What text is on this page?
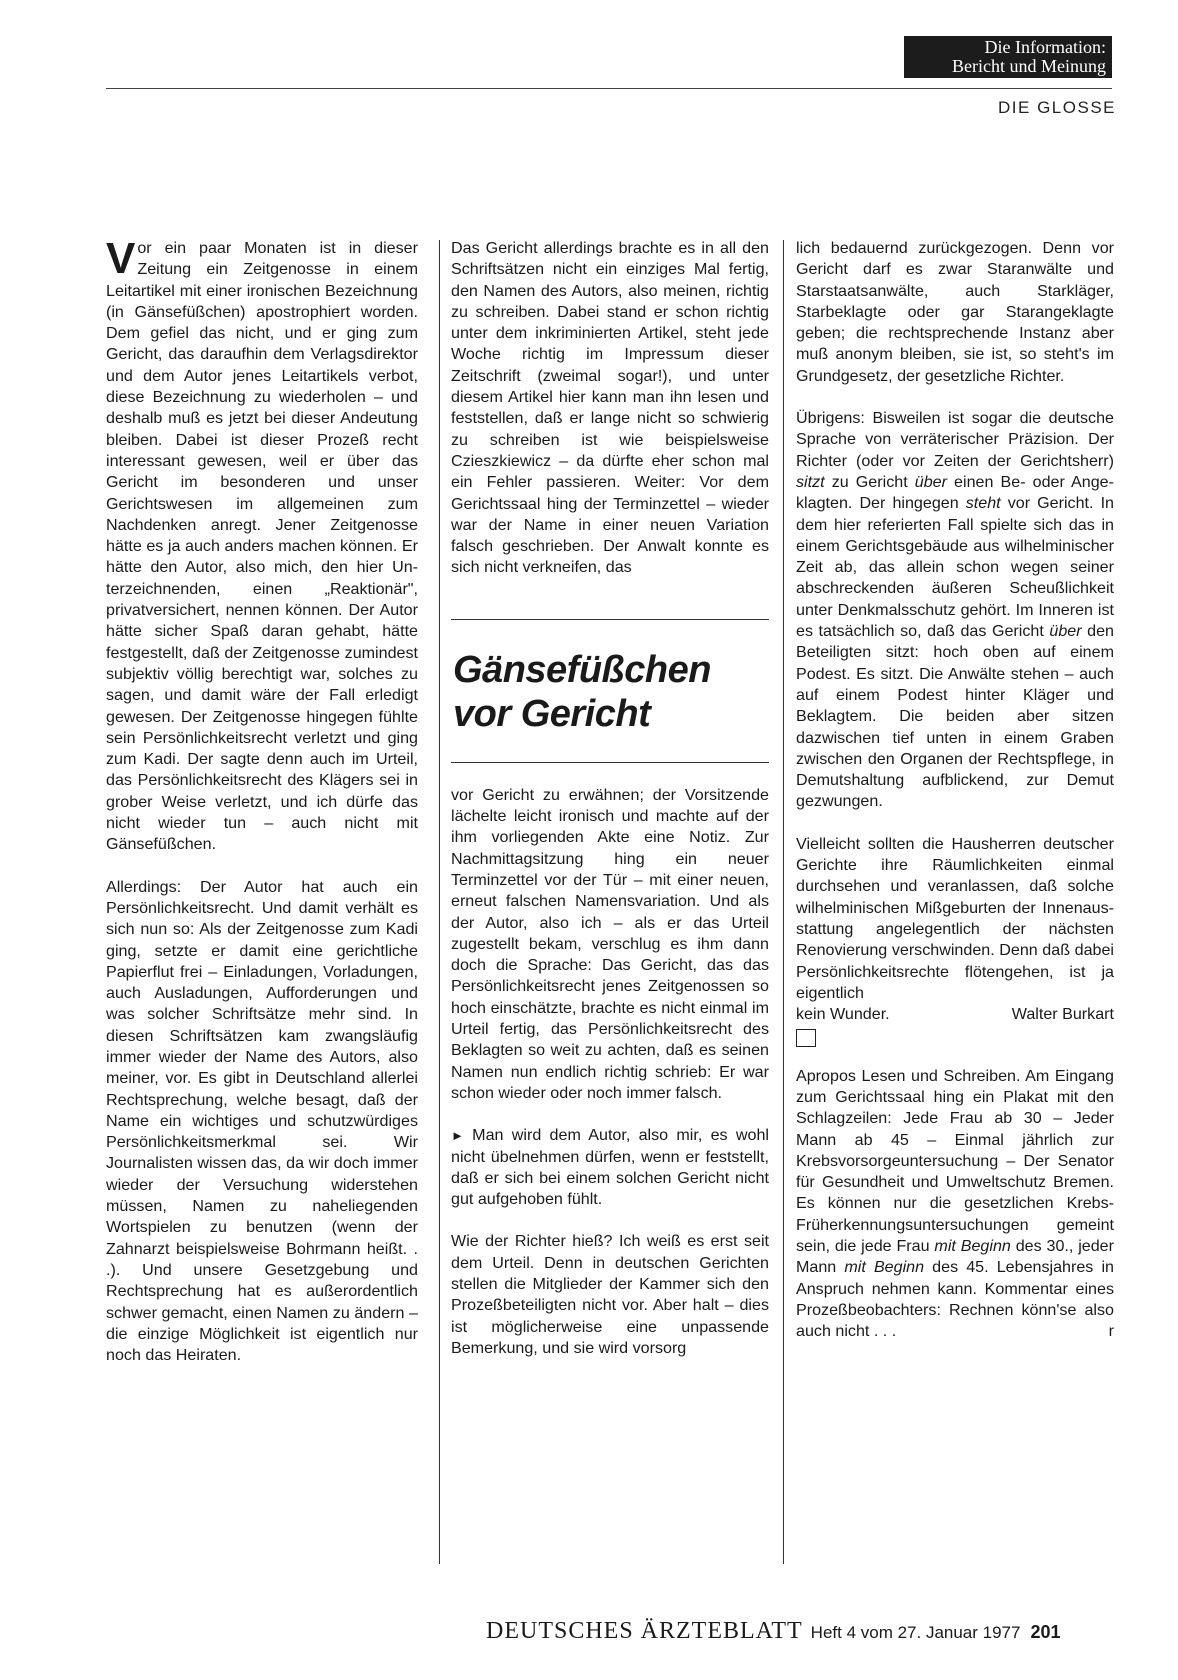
Die Information:
Bericht und Meinung
DIE GLOSSE

Vor ein paar Monaten ist in dieser Zeitung ein Zeitgenosse in einem Leitartikel mit einer ironischen Bezeichnung (in Gänsefüßchen) apostrophiert worden. Dem gefiel das nicht, und er ging zum Gericht, das daraufhin dem Verlagsdirektor und dem Autor jenes Leitartikels verbot, diese Bezeichnung zu wiederholen – und deshalb muß es jetzt bei dieser Andeutung bleiben. Dabei ist dieser Prozeß recht interessant gewesen, weil er über das Gericht im besonderen und unser Gerichtswesen im allgemeinen zum Nachdenken anregt. Jener Zeitgenosse hätte es ja auch anders machen können. Er hätte den Autor, also mich, den hier Unterzeichnenden, einen „Reaktionär", privatversichert, nennen können. Der Autor hätte sicher Spaß daran gehabt, hätte festgestellt, daß der Zeitgenosse zumindest subjektiv völlig berechtigt war, solches zu sagen, und damit wäre der Fall erledigt gewesen. Der Zeitgenosse hingegen fühlte sein Persönlichkeitsrecht verletzt und ging zum Kadi. Der sagte denn auch im Urteil, das Persönlichkeitsrecht des Klägers sei in grober Weise verletzt, und ich dürfe das nicht wieder tun – auch nicht mit Gänsefüßchen.

Allerdings: Der Autor hat auch ein Persönlichkeitsrecht. Und damit verhält es sich nun so: Als der Zeitgenosse zum Kadi ging, setzte er damit eine gerichtliche Papierflut frei – Einladungen, Vorladungen, auch Ausladungen, Aufforderungen und was solcher Schriftsätze mehr sind. In diesen Schriftsätzen kam zwangsläufig immer wieder der Name des Autors, also meiner, vor. Es gibt in Deutschland allerlei Rechtsprechung, welche besagt, daß der Name ein wichtiges und schutzwürdiges Persönlichkeitsmerkmal sei. Wir Journalisten wissen das, da wir doch immer wieder der Versuchung widerstehen müssen, Namen zu naheliegenden Wortspielen zu benutzen (wenn der Zahnarzt beispielsweise Bohrmann heißt. . .). Und unsere Gesetzgebung und Rechtsprechung hat es außerordentlich schwer gemacht, einen Namen zu ändern – die einzige Möglichkeit ist eigentlich nur noch das Heiraten.

Das Gericht allerdings brachte es in all den Schriftsätzen nicht ein einziges Mal fertig, den Namen des Autors, also meinen, richtig zu schreiben. Dabei stand er schon richtig unter dem inkriminierten Artikel, steht jede Woche richtig im Impressum dieser Zeitschrift (zweimal sogar!), und unter diesem Artikel hier kann man ihn lesen und feststellen, daß er lange nicht so schwierig zu schreiben ist wie beispielsweise Czieszkiewicz – da dürfte eher schon mal ein Fehler passieren. Weiter: Vor dem Gerichtssaal hing der Terminzettel – wieder war der Name in einer neuen Variation falsch geschrieben. Der Anwalt konnte es sich nicht verkneifen, das

Gänsefüßchen
vor Gericht

vor Gericht zu erwähnen; der Vorsitzende lächelte leicht ironisch und machte auf der ihm vorliegenden Akte eine Notiz. Zur Nachmittagsitzung hing ein neuer Terminzettel vor der Tür – mit einer neuen, erneut falschen Namensvariation. Und als der Autor, also ich – als er das Urteil zugestellt bekam, verschlug es ihm dann doch die Sprache: Das Gericht, das das Persönlichkeitsrecht jenes Zeitgenossen so hoch einschätzte, brachte es nicht einmal im Urteil fertig, das Persönlichkeitsrecht des Beklagten so weit zu achten, daß es seinen Namen nun endlich richtig schrieb: Er war schon wieder oder noch immer falsch.

► Man wird dem Autor, also mir, es wohl nicht übelnehmen dürfen, wenn er feststellt, daß er sich bei einem solchen Gericht nicht gut aufgehoben fühlt.

Wie der Richter hieß? Ich weiß es erst seit dem Urteil. Denn in deutschen Gerichten stellen die Mitglieder der Kammer sich den Prozeßbeteiligten nicht vor. Aber halt – dies ist möglicherweise eine unpassende Bemerkung, und sie wird vorsorg

lich bedauernd zurückgezogen. Denn vor Gericht darf es zwar Staranwälte und Starstaatsanwälte, auch Starkläger, Starbeklagte oder gar Starangeklagte geben; die rechtsprechende Instanz aber muß anonym bleiben, sie ist, so steht's im Grundgesetz, der gesetzliche Richter.

Übrigens: Bisweilen ist sogar die deutsche Sprache von verräterischer Präzision. Der Richter (oder vor Zeiten der Gerichtsherr) sitzt zu Gericht über einen Be- oder Angeklagten. Der hingegen steht vor Gericht. In dem hier referierten Fall spielte sich das in einem Gerichtsgebäude aus wilhelminischer Zeit ab, das allein schon wegen seiner abschreckenden äußeren Scheußlichkeit unter Denkmalsschutz gehört. Im Inneren ist es tatsächlich so, daß das Gericht über den Beteiligten sitzt: hoch oben auf einem Podest. Es sitzt. Die Anwälte stehen – auch auf einem Podest hinter Kläger und Beklagtem. Die beiden aber sitzen dazwischen tief unten in einem Graben zwischen den Organen der Rechtspflege, in Demutshaltung aufblickend, zur Demut gezwungen.

Vielleicht sollten die Hausherren deutscher Gerichte ihre Räumlichkeiten einmal durchsehen und veranlassen, daß solche wilhelminischen Mißgeburten der Innenausstattung angelegentlich der nächsten Renovierung verschwinden. Denn daß dabei Persönlichkeitsrechte flötengehen, ist ja eigentlich

kein Wunder.	Walter Burkart

Apropos Lesen und Schreiben. Am Eingang zum Gerichtssaal hing ein Plakat mit den Schlagzeilen: Jede Frau ab 30 – Jeder Mann ab 45 – Einmal jährlich zur Krebsvorsorgeuntersuchung – Der Senator für Gesundheit und Umweltschutz Bremen. Es können nur die gesetzlichen Krebs-Früherkennungsuntersuchungen gemeint sein, die jede Frau mit Beginn des 30., jeder Mann mit Beginn des 45. Lebensjahres in Anspruch nehmen kann. Kommentar eines Prozeßbeobachters: Rechnen könn'se also auch nicht . . .	r

DEUTSCHES ÄRZTEBLATT Heft 4 vom 27. Januar 1977 201
